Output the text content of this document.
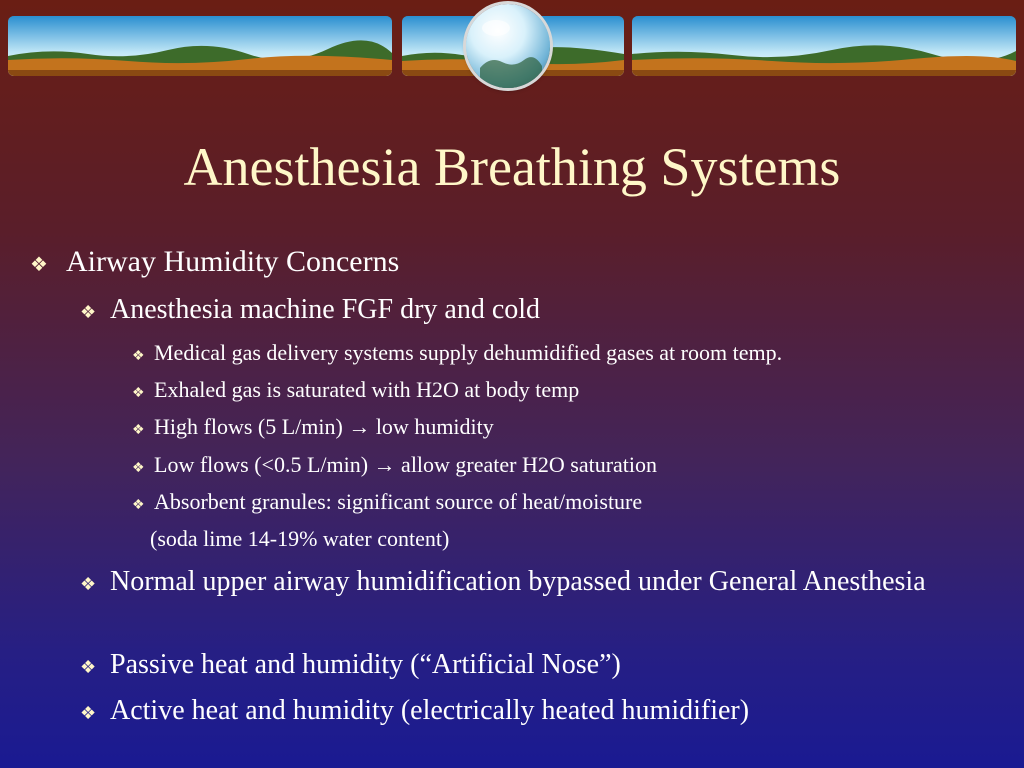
Anesthesia Breathing Systems
❖ Airway Humidity Concerns
❖ Anesthesia machine FGF dry and cold
❖ Medical gas delivery systems supply dehumidified gases at room temp.
❖ Exhaled gas is saturated with H2O at body temp
❖ High flows (5 L/min) → low humidity
❖ Low flows (<0.5 L/min) → allow greater H2O saturation
❖ Absorbent granules: significant source of heat/moisture
(soda lime 14-19% water content)
❖ Normal upper airway humidification bypassed under General Anesthesia
❖ Passive heat and humidity (“Artificial Nose”)
❖ Active heat and humidity (electrically heated humidifier)
